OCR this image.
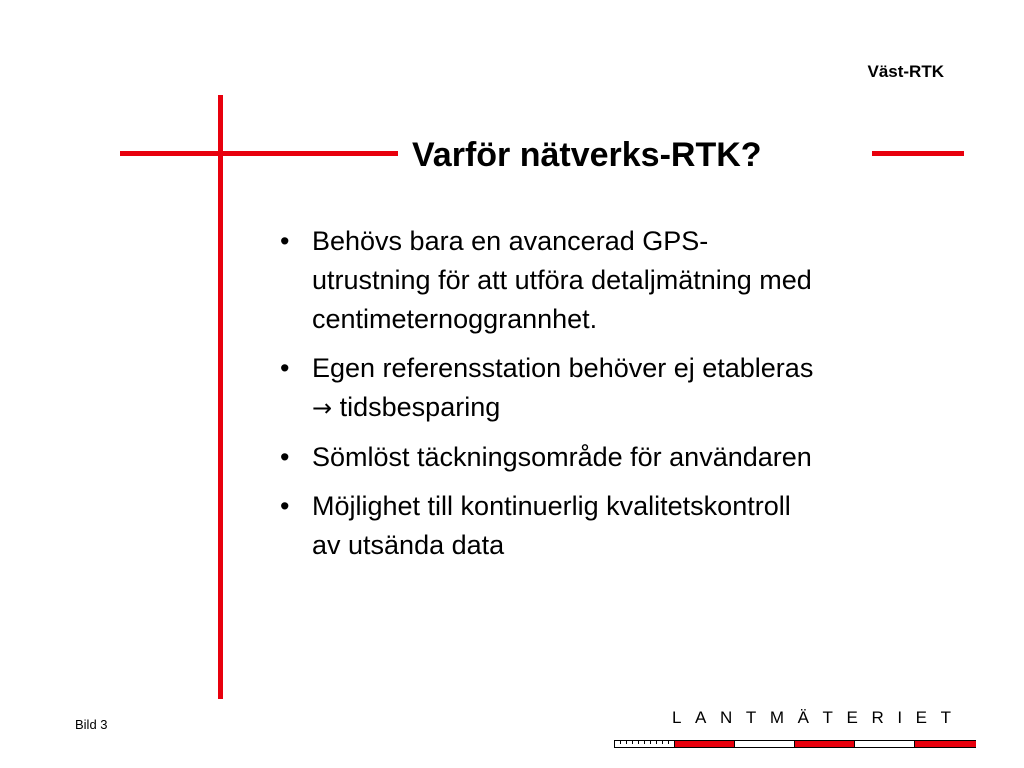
Väst-RTK
Varför nätverks-RTK?
• Behövs bara en avancerad GPS-
utrustning för att utföra detaljmätning med
centimeternoggrannhet.
• Egen referensstation behöver ej etableras
→ tidsbesparing
• Sömlöst täckningsområde för användaren
• Möjlighet till kontinuerlig kvalitetskontroll
av utsända data
Bild 3	LANTMÄTERIET
